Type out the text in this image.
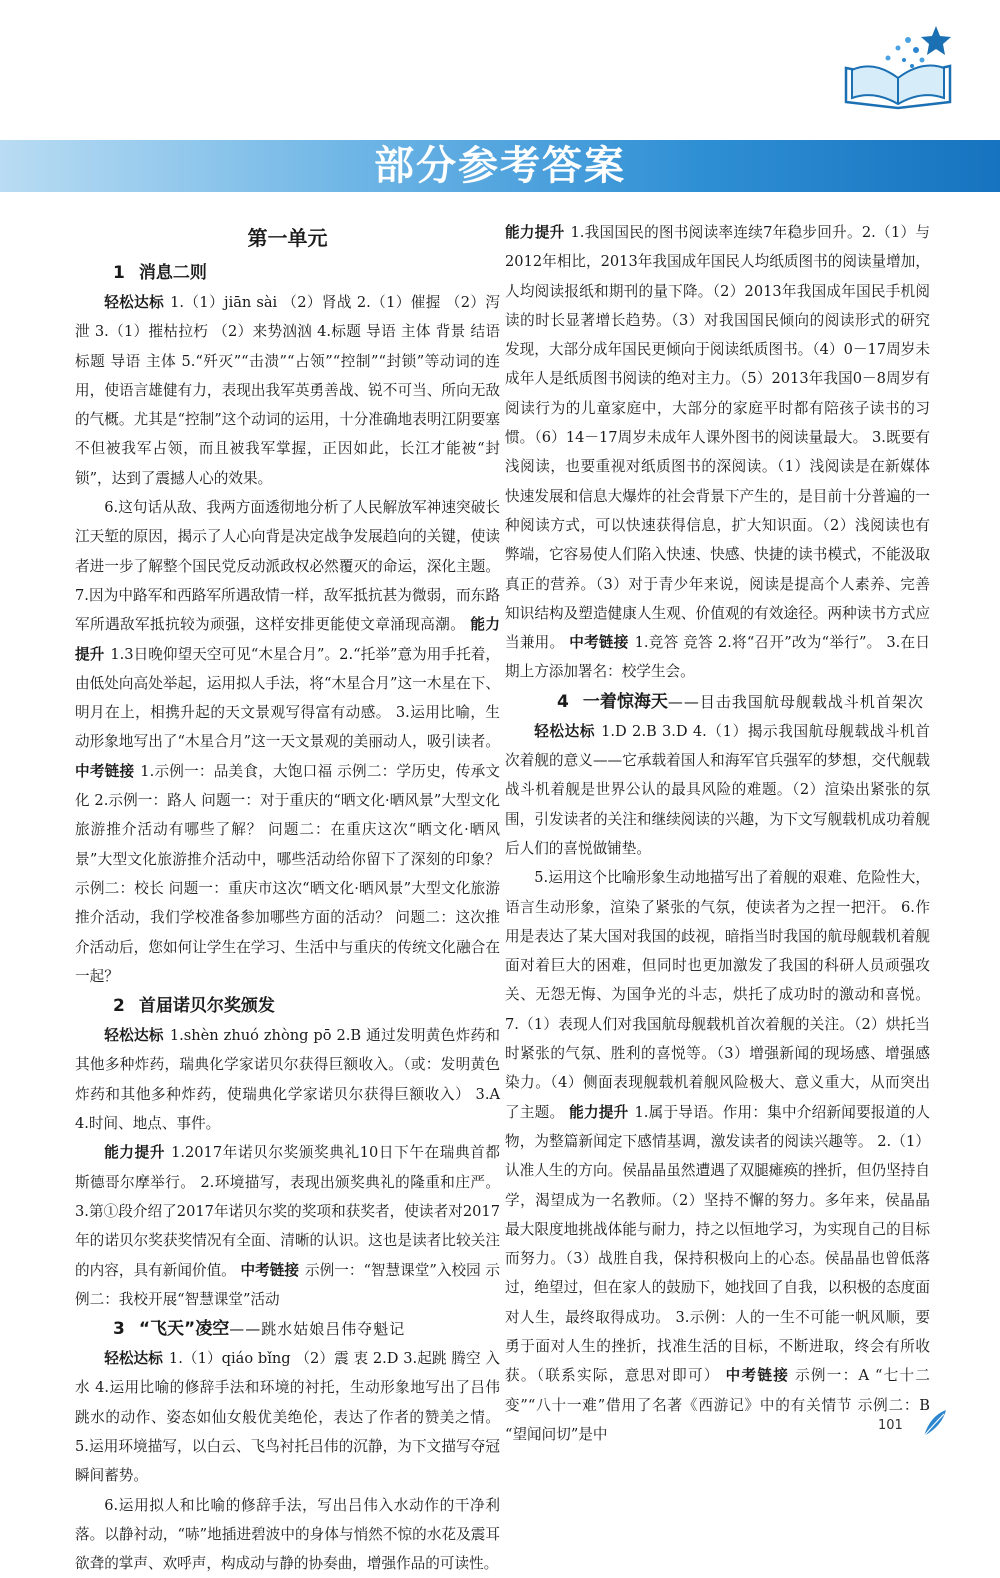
部分参考答案
第一单元
1 消息二则

轻松达标 1.（1）jiān sài （2）肾战 2.（1）催握 （2）泻泄 3.（1）摧枯拉朽 （2）来势汹汹 4.标题 导语 主体 背景 结语 标题 导语 主体 5.“歼灭”“击溃”“占领”“控制”“封锁”等动词的连用，使语言雄健有力，表现出我军英勇善战、锐不可当、所向无敌的气概。尤其是“控制”这个动词的运用，十分准确地表明江阴要塞不但被我军占领，而且被我军掌握，正因如此，长江才能被“封锁”，达到了震撼人心的效果。

6.这句话从敌、我两方面透彻地分析了人民解放军神速突破长江天堑的原因，揭示了人心向背是决定战争发展趋向的关键，使读者进一步了解整个国民党反动派政权必然覆灭的命运，深化主题。 7.因为中路军和西路军所遇敌情一样，敌军抵抗甚为微弱，而东路军所遇敌军抵抗较为顽强，这样安排更能使文章涌现高潮。 能力提升 1.3日晚仰望天空可见“木星合月”。2.“托举”意为用手托着，由低处向高处举起，运用拟人手法，将“木星合月”这一木星在下、明月在上，相携升起的天文景观写得富有动感。 3.运用比喻，生动形象地写出了“木星合月”这一天文景观的美丽动人，吸引读者。 中考链接 1.示例一：品美食，大饱口福 示例二：学历史，传承文化 2.示例一：路人 问题一：对于重庆的“晒文化·晒风景”大型文化旅游推介活动有哪些了解？ 问题二：在重庆这次“晒文化·晒风景”大型文化旅游推介活动中，哪些活动给你留下了深刻的印象？ 示例二：校长 问题一：重庆市这次“晒文化·晒风景”大型文化旅游推介活动，我们学校准备参加哪些方面的活动？ 问题二：这次推介活动后，您如何让学生在学习、生活中与重庆的传统文化融合在一起？

2 首届诺贝尔奖颁发

轻松达标 1.shèn zhuó zhòng pō 2.B 通过发明黄色炸药和其他多种炸药，瑞典化学家诺贝尔获得巨额收入。（或：发明黄色炸药和其他多种炸药，使瑞典化学家诺贝尔获得巨额收入） 3.A 4.时间、地点、事件。

能力提升 1.2017年诺贝尔奖颁奖典礼10日下午在瑞典首都斯德哥尔摩举行。 2.环境描写，表现出颁奖典礼的隆重和庄严。 3.第①段介绍了2017年诺贝尔奖的奖项和获奖者，使读者对2017年的诺贝尔奖获奖情况有全面、清晰的认识。这也是读者比较关注的内容，具有新闻价值。 中考链接 示例一：“智慧课堂”入校园 示例二：我校开展“智慧课堂”活动

3 “飞天”凌空——跳水姑娘吕伟夺魁记

轻松达标 1.（1）qiáo bǐng （2）震 衷 2.D 3.起跳 腾空 入水 4.运用比喻的修辞手法和环境的衬托，生动形象地写出了吕伟跳水的动作、姿态如仙女般优美绝伦，表达了作者的赞美之情。 5.运用环境描写，以白云、飞鸟衬托吕伟的沉静，为下文描写夺冠瞬间蓄势。

6.运用拟人和比喻的修辞手法，写出吕伟入水动作的干净利落。以静衬动，“哧”地插进碧波中的身体与悄然不惊的水花及震耳欲聋的掌声、欢呼声，构成动与静的协奏曲，增强作品的可读性。

能力提升 1.我国国民的图书阅读率连续7年稳步回升。2.（1）与2012年相比，2013年我国成年国民人均纸质图书的阅读量增加，人均阅读报纸和期刊的量下降。（2）2013年我国成年国民手机阅读的时长显著增长趋势。（3）对我国国民倾向的阅读形式的研究发现，大部分成年国民更倾向于阅读纸质图书。（4）0－17周岁未成年人是纸质图书阅读的绝对主力。（5）2013年我国0－8周岁有阅读行为的儿童家庭中，大部分的家庭平时都有陪孩子读书的习惯。（6）14－17周岁未成年人课外图书的阅读量最大。 3.既要有浅阅读，也要重视对纸质图书的深阅读。（1）浅阅读是在新媒体快速发展和信息大爆炸的社会背景下产生的，是目前十分普遍的一种阅读方式，可以快速获得信息，扩大知识面。（2）浅阅读也有弊端，它容易使人们陷入快速、快感、快捷的读书模式，不能汲取真正的营养。（3）对于青少年来说，阅读是提高个人素养、完善知识结构及塑造健康人生观、价值观的有效途径。两种读书方式应当兼用。 中考链接 1.竞答 竞答 2.将“召开”改为“举行”。 3.在日期上方添加署名：校学生会。

4 一着惊海天——目击我国航母舰载战斗机首架次

轻松达标 1.D 2.B 3.D 4.（1）揭示我国航母舰载战斗机首次着舰的意义——它承载着国人和海军官兵强军的梦想，交代舰载战斗机着舰是世界公认的最具风险的难题。（2）渲染出紧张的氛围，引发读者的关注和继续阅读的兴趣，为下文写舰载机成功着舰后人们的喜悦做铺垫。

5.运用这个比喻形象生动地描写出了着舰的艰难、危险性大，语言生动形象，渲染了紧张的气氛，使读者为之捏一把汗。 6.作用是表达了某大国对我国的歧视，暗指当时我国的航母舰载机着舰面对着巨大的困难，但同时也更加激发了我国的科研人员顽强攻关、无怨无悔、为国争光的斗志，烘托了成功时的激动和喜悦。 7.（1）表现人们对我国航母舰载机首次着舰的关注。（2）烘托当时紧张的气氛、胜利的喜悦等。（3）增强新闻的现场感、增强感染力。（4）侧面表现舰载机着舰风险极大、意义重大，从而突出了主题。 能力提升 1.属于导语。作用：集中介绍新闻要报道的人物，为整篇新闻定下感情基调，激发读者的阅读兴趣等。 2.（1）认准人生的方向。侯晶晶虽然遭遇了双腿瘫痪的挫折，但仍坚持自学，渴望成为一名教师。（2）坚持不懈的努力。多年来，侯晶晶最大限度地挑战体能与耐力，持之以恒地学习，为实现自己的目标而努力。（3）战胜自我，保持积极向上的心态。侯晶晶也曾低落过，绝望过，但在家人的鼓励下，她找回了自我，以积极的态度面对人生，最终取得成功。 3.示例：人的一生不可能一帆风顺，要勇于面对人生的挫折，找准生活的目标，不断进取，终会有所收获。（联系实际，意思对即可） 中考链接 示例一：A “七十二变”“八十一难”借用了名著《西游记》中的有关情节 示例二：B “望闻问切”是中

101
